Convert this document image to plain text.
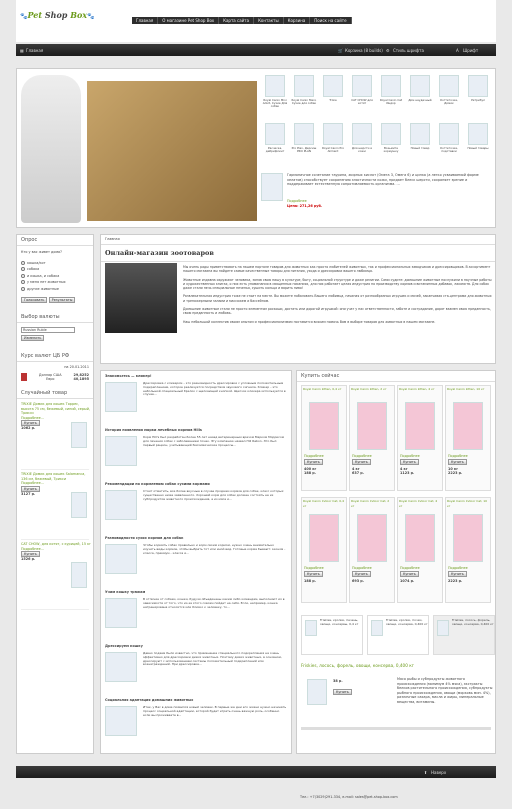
🐾Pet Shop Box🐾
Главная	О магазине Pet Shop Box	Карта сайта	Контакты	Корзина	Поиск на сайте
▦ Главная	🛒 Корзина (8 builds) ⚙ Стиль шрифта	A Шрифт
Royal Canin Mini Adult, Сухие Для собак
Royal Canin Maxi, Сухие для собак
Trixie	CAT CHOW для котят
Royal Canin Cat Индор
Дом неудачный	Когтеточка, Домик
Ретрибул
Расческа, дебрифлинт
Pro Plan, Дерсиш PRO PLAN
Royal Canin Pro Aliment
Для шерсти и кожи
Возьмите кормушку
Новый товар	Когтеточка, подставки
Новый товары
Гармоничное сочетание таурина, жирных кислот (Омега 3, Омега 6) и цинка (а легко усваиваемой форме хелатов) способствует сохранению эластичности кожи, придает блеск шерсти, сохраняет зрение и поддерживает естественную сопротивляемость организма. ...
Подробнее
Цена: 271,26 руб.
Опрос
Кто у вас живет дома?
кошка/кот
собака
и кошка, и собака
у меня нет животных
другие животные
Голосовать Результаты
Выбор валюты
Russian Ruble
Изменить
Курс валют ЦБ РФ
на 20.01.2011
Доллар США	29,8252
Евро	40,1895
Случайный товар
TRIXIE Домик для кошек Торрес, высота 75 см, бежевый, синий, серый, Трикси
Подробнее...
Купить
1062 р.
TRIXIE Домик для кошек Salamanca, 136 см, бежевый, Трикси
Подробнее...
Купить
3127 р.
CAT CHOW, для котят, с курицей, 15 кг
Подробнее...
Купить
1526 р.
Главная
Онлайн-магазин зоотоваров

Мы очень рады приветствовать на нашем портале товаров для животных как просто любителей животных, так и профессиональных заводчиков и дрессировщиков. В ассортимент нашего магазина вы найдете самые качественные товары для питания, ухода и дрессировки вашего любимца.

Животные издавна окружают человека, заняв свою нишу в культуре, быту, социальной структуре и даже религии. Сами судите: домашние животные послужили в научные работы и художественных книгах, о них есть упоминания в священных писаниях, для них работает целая индустрия по производству кормов и витаминных добавок, лакомств. Для собак даже стали печь специальные печенья, сушить кольца и варить пиво!

Развлекательная индустрия тоже не стоит на месте. Вы можете побаловать Вашего любимца, начиная от разнообразных игрушек и мячей, заканчивая ста-центрами для животных и тренажерными залами и массажем и бассейном.

Домашние животные стали не просто элементом роскоши, достать или дорогой игрушкой: они учат у нас ответственности, заботе и сострадание, дарят взамен свою преданность, свою преданность и любовь.

Наш небольшой коллектив своим опытом и профессионализмом поставится всяким помочь Вам в выборе товаров для животных в нашем магазине.

Знакомьтесь — кликер!
Дрессировка с кликером – это разновидность дрессировки с условным положительным подкреплением, которое реализуется посредством звукового сигнала. Кликер – это небольшой специальный брелок с щелкающей кнопкой. Щелчок кликера используется в случае...
История появления марки лечебных кормов Hills
Корм Hill's был разработан более 55 лет назад ветеринарным врачом Марком Моррисом для лечения собак с заболеванием почек. Эту компанию назвал Hill Rabon. Это был первый рацион, учитывающий биохимические процессы...
Рекомендации по кормлению собак сухими кормами
Стоит отметить, все более вкусные в случае продажи кормов для собак, класс которых существенно ниже заявленного. Хороший корм для собак должен состоять не из субпродуктов животного происхождения, а из мяса и...
Разновидности сухих кормов для собак
Чтобы кормить собак правильно и корм своим кормом, нужно очень внимательно изучить виды кормов, чтобы выбрать тот или иной вид. Готовые корма бывают: эконом - класса, премиум - класса и...
Учим кошку трюкам
В отличие от собаки, кошки, будучи объединены каким либо командам, выполняют их в зависимости от того, что из-за этого совсем пойдет на себя. Если, например, кошка натренирована относится или близко к человеку, то...
Дрессируем кошку
Давно подзем было известно, что применение специального подкрепления на очень эффективно для дрессировки диких животных. Поэтому диких животных, в основном, дрессируют с использованием системы положительный подкреплений или вознаграждений. При дрессировке...
Социальная адаптация домашних животных
Итак, у Вас в доме появился новый человек. В первые же дни его жизни нужно начинать процесс социальной адаптации, которой будет играть очень важную роль, особенно если вы проживаете в...
Купить сейчас
Royal Canin kitten, 0,4 кг
Подробнее
Купить
400 кг
188 р.
Royal Canin kitten, 2 кг
Подробнее
Купить
4 кг
637 р.
Royal Canin kitten, 4 кг
Подробнее
Купить
4 кг
1123 р.
Royal Canin kitten, 10 кг
Подробнее
Купить
10 кг
2223 р.
Royal Canin Indoor Cat, 0,4 кг
Подробнее
Купить
188 р.
Royal Canin Indoor Cat, 2 кг
Подробнее
Купить
693 р.
Royal Canin Indoor Cat, 4 кг
Подробнее
Купить
1074 р.
Royal Canin Indoor Cat, 10 кг
Подробнее
Купить
2223 р.
Friskies, кролик, печень, овощи, консервы, 0,4 кг
Friskies, кролик, почки, овощи, консерва, 0,400 кг
Friskies, лосось, форель, овощи, консерва, 0,400 кг
Friskies, лосось, форель, овощи, консерва, 0,400 кг
38 р.
Купить
Мясо рыбы и субпродукты животного происхождения (минимум 4% мяса), экстракты белков растительного происхождения, субпродукты рыбного происхождения, овощи (морковь мин. 4%), различные сахара, масла и жиры, минеральные вещества, витамины.
⬆ Наверх
Тел.: +7(3029)291-334, e-mail: sales@pet-shop-box.com
